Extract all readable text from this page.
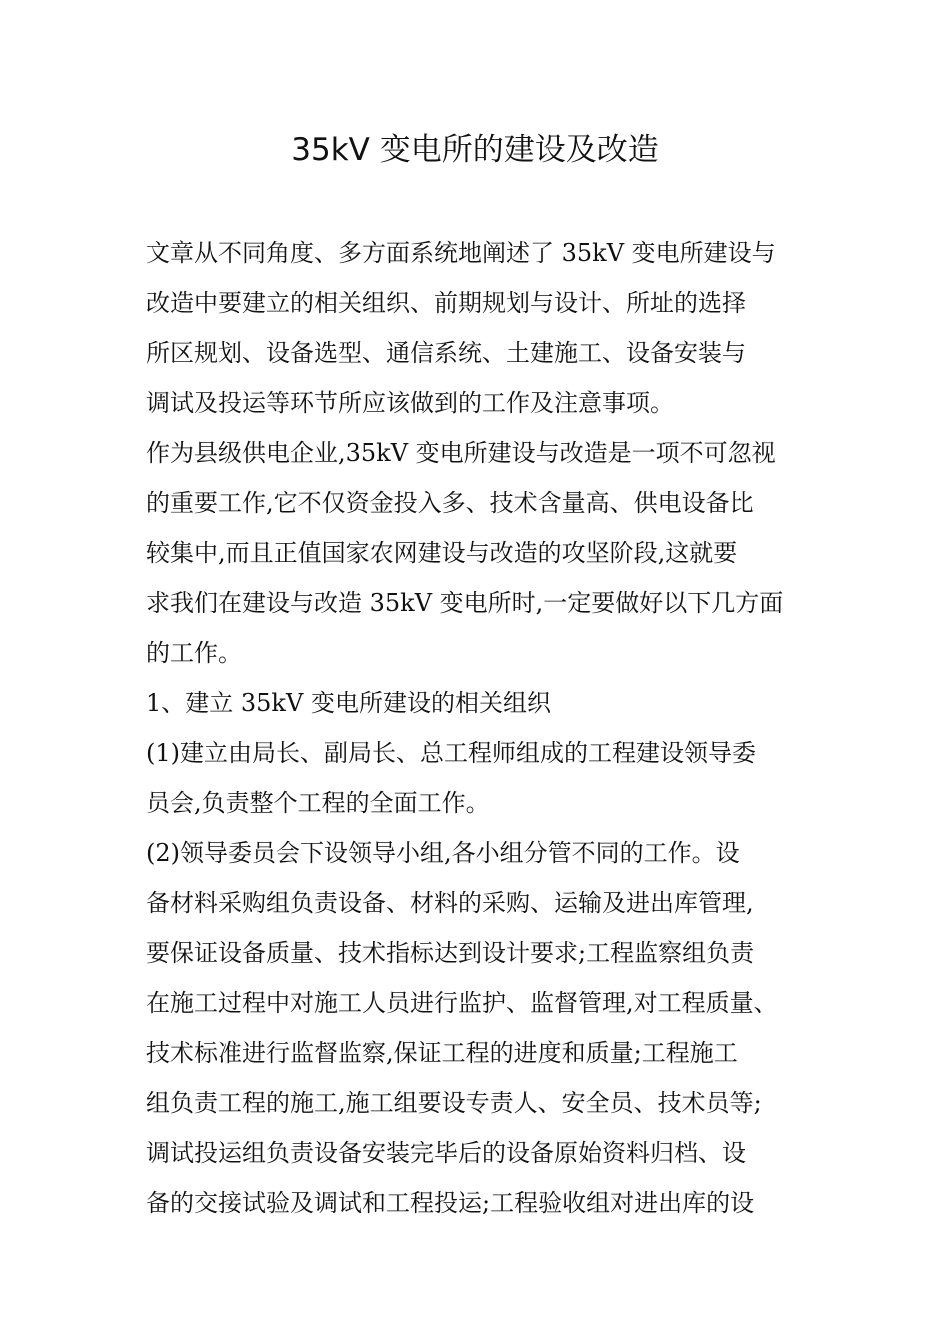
35kV 变电所的建设及改造
文章从不同角度、多方面系统地阐述了 35kV 变电所建设与
改造中要建立的相关组织、前期规划与设计、所址的选择
所区规划、设备选型、通信系统、土建施工、设备安装与
调试及投运等环节所应该做到的工作及注意事项。
作为县级供电企业,35kV 变电所建设与改造是一项不可忽视
的重要工作,它不仅资金投入多、技术含量高、供电设备比
较集中,而且正值国家农网建设与改造的攻坚阶段,这就要
求我们在建设与改造 35kV 变电所时,一定要做好以下几方面
的工作。
1、建立 35kV 变电所建设的相关组织
(1)建立由局长、副局长、总工程师组成的工程建设领导委
员会,负责整个工程的全面工作。
(2)领导委员会下设领导小组,各小组分管不同的工作。设
备材料采购组负责设备、材料的采购、运输及进出库管理,
要保证设备质量、技术指标达到设计要求;工程监察组负责
在施工过程中对施工人员进行监护、监督管理,对工程质量、
技术标准进行监督监察,保证工程的进度和质量;工程施工
组负责工程的施工,施工组要设专责人、安全员、技术员等;
调试投运组负责设备安装完毕后的设备原始资料归档、设
备的交接试验及调试和工程投运;工程验收组对进出库的设
